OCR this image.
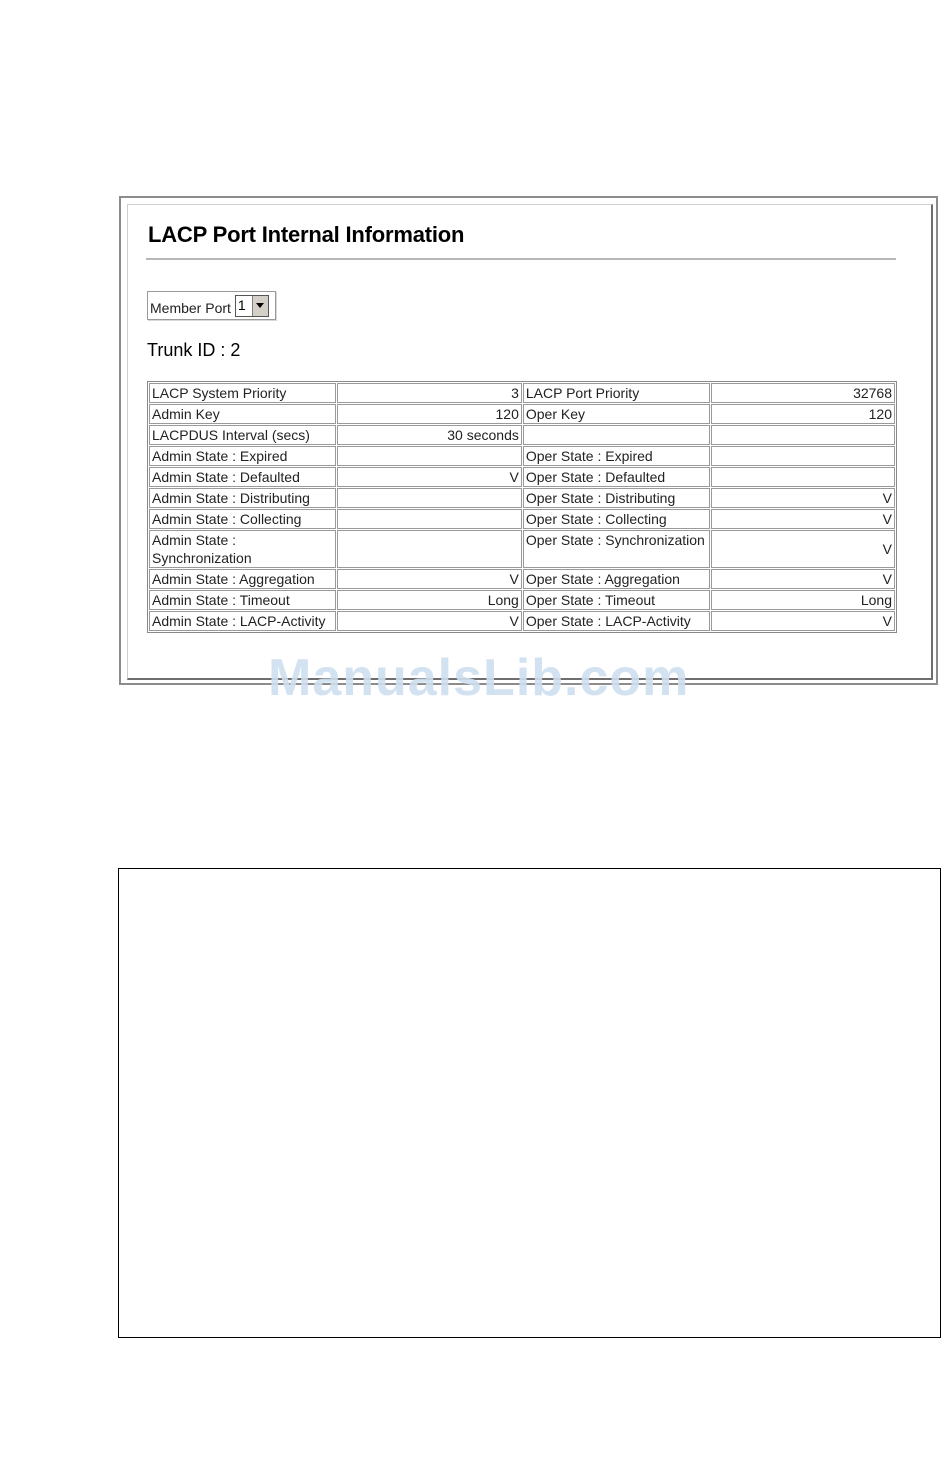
LACP Port Internal Information
Member Port 1
Trunk ID : 2
LACP System Priority	3	LACP Port Priority	32768
Admin Key	120	Oper Key	120
LACPDUS Interval (secs)	30 seconds		
Admin State : Expired		Oper State : Expired	
Admin State : Defaulted	V	Oper State : Defaulted	
Admin State : Distributing		Oper State : Distributing	V
Admin State : Collecting		Oper State : Collecting	V
Admin State : Synchronization		Oper State : Synchronization	V
Admin State : Aggregation	V	Oper State : Aggregation	V
Admin State : Timeout	Long	Oper State : Timeout	Long
Admin State : LACP-Activity	V	Oper State : LACP-Activity	V
ManualsLib.com
